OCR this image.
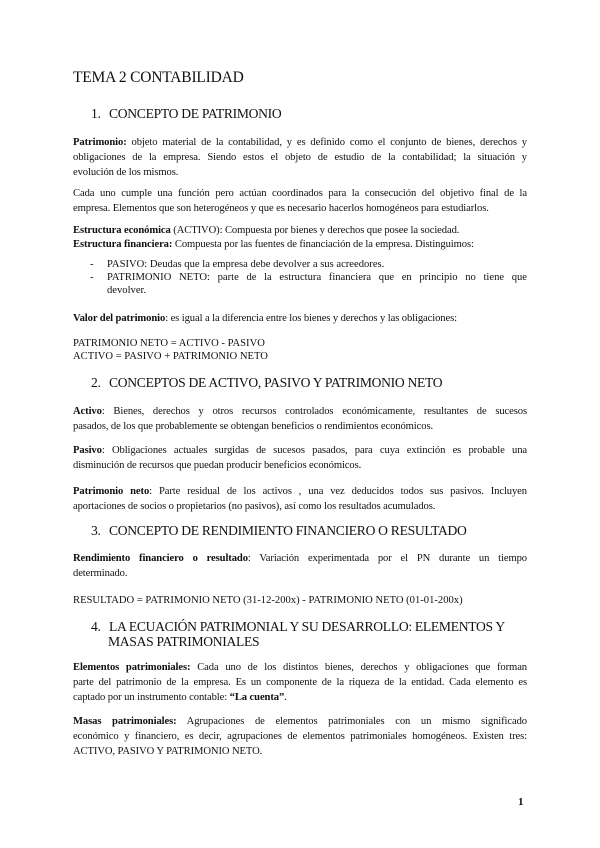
TEMA 2 CONTABILIDAD
1. CONCEPTO DE PATRIMONIO
Patrimonio: objeto material de la contabilidad, y es definido como el conjunto de bienes, derechos y
obligaciones de la empresa. Siendo estos el objeto de estudio de la contabilidad; la situación y
evolución de los mismos.
Cada uno cumple una función pero actúan coordinados para la consecución del objetivo final de la
empresa. Elementos que son heterogéneos y que es necesario hacerlos homogéneos para estudiarlos.
Estructura económica (ACTIVO): Compuesta por bienes y derechos que posee la sociedad.
Estructura financiera: Compuesta por las fuentes de financiación de la empresa. Distinguimos:
- PASIVO: Deudas que la empresa debe devolver a sus acreedores.
- PATRIMONIO NETO: parte de la estructura financiera que en principio no tiene que
devolver.
Valor del patrimonio: es igual a la diferencia entre los bienes y derechos y las obligaciones:
PATRIMONIO NETO = ACTIVO - PASIVO
ACTIVO = PASIVO + PATRIMONIO NETO
2. CONCEPTOS DE ACTIVO, PASIVO Y PATRIMONIO NETO
Activo: Bienes, derechos y otros recursos controlados económicamente, resultantes de sucesos
pasados, de los que probablemente se obtengan beneficios o rendimientos económicos.
Pasivo: Obligaciones actuales surgidas de sucesos pasados, para cuya extinción es probable una
disminución de recursos que puedan producir beneficios económicos.
Patrimonio neto: Parte residual de los activos , una vez deducidos todos sus pasivos. Incluyen
aportaciones de socios o propietarios (no pasivos), así como los resultados acumulados.
3. CONCEPTO DE RENDIMIENTO FINANCIERO O RESULTADO
Rendimiento financiero o resultado: Variación experimentada por el PN durante un tiempo
determinado.
RESULTADO = PATRIMONIO NETO (31-12-200x) - PATRIMONIO NETO (01-01-200x)
4. LA ECUACIÓN PATRIMONIAL Y SU DESARROLLO: ELEMENTOS Y
MASAS PATRIMONIALES
Elementos patrimoniales: Cada uno de los distintos bienes, derechos y obligaciones que forman
parte del patrimonio de la empresa. Es un componente de la riqueza de la entidad. Cada elemento es
captado por un instrumento contable: “La cuenta”.
Masas patrimoniales: Agrupaciones de elementos patrimoniales con un mismo significado
económico y financiero, es decir, agrupaciones de elementos patrimoniales homogéneos. Existen tres:
ACTIVO, PASIVO Y PATRIMONIO NETO.
1
